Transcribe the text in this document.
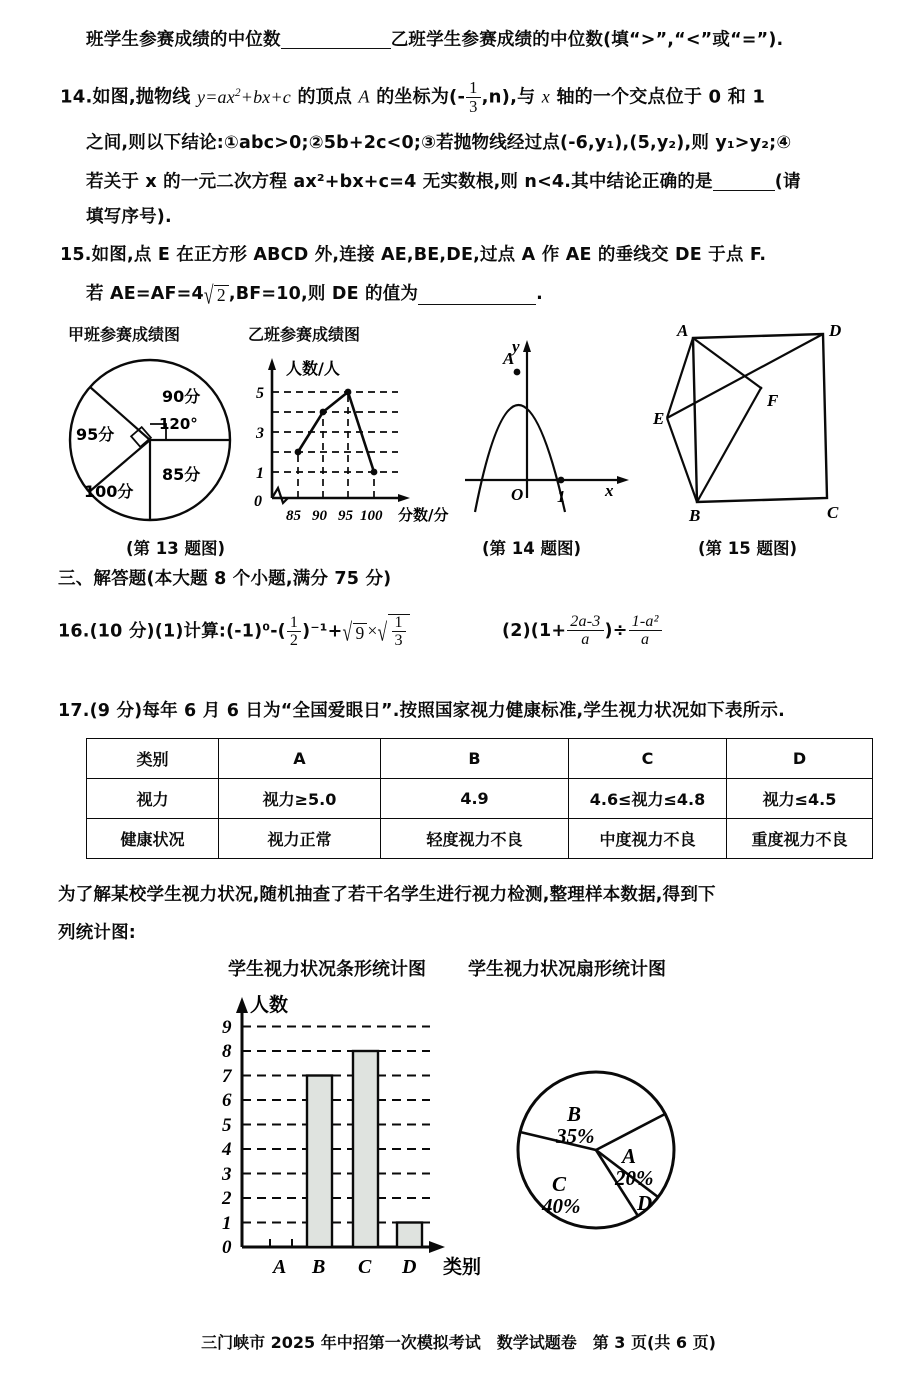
班学生参赛成绩的中位数	乙班学生参赛成绩的中位数(填“>”,“<”或“=”).
14.如图,抛物线 $y=ax^2+bx+c$ 的顶点 A 的坐标为(- $\frac{1}{3} ,n$),与 x 轴的一个交点位于 0 和 1
之间,则以下结论:①abc>0;②5b+2c<0;③若抛物线经过点(-6,y₁),(5,y₂),则 y₁>y₂;④
若关于 x 的一元二次方程 ax²+bx+c=4 无实数根,则 n<4.其中结论正确的是	(请
填写序号).
15.如图,点 E 在正方形 ABCD 外,连接 AE,BE,DE,过点 A 作 AE 的垂线交 DE 于点 F.
若 AE=AF=4 √ 2 ,BF=10,则 DE 的值为	.
甲班参赛成绩图	乙班参赛成绩图
90分
120°
95分
100分
85分
人数/人
5
3
1
0
85 90 95 100 分数/分
A
y
O 1 x
A	D
F
E
B	C
(第 13 题图)	(第 14 题图)	(第 15 题图)
三、解答题(本大题 8 个小题,满分 75 分)
16.(10 分)(1)计算:(-1)⁰-( $\frac{1}{2} )^{-1}+$ √ 9 × √ $\frac{1}{3}$	$(2)(1+ \frac{2a-3}{a}$ )÷ $\frac{\text{1-a²}}{a}$
17.(9 分)每年 6 月 6 日为“全国爱眼日”.按照国家视力健康标准,学生视力状况如下表所示.
类别	A	B	C	D
视力	视力≥5.0	4.9	4.6≤视力≤4.8	视力≤4.5
健康状况	视力正常	轻度视力不良	中度视力不良	重度视力不良
为了解某校学生视力状况,随机抽查了若干名学生进行视力检测,整理样本数据,得到下
列统计图:
学生视力状况条形统计图 学生视力状况扇形统计图
0
1
2
3
4
5
6
7
8
9
人数
类别
A B C D
B
35%
A
20%
C
40%	D
三门峡市 2025 年中招第一次模拟考试　数学试题卷　第 3 页(共 6 页)
